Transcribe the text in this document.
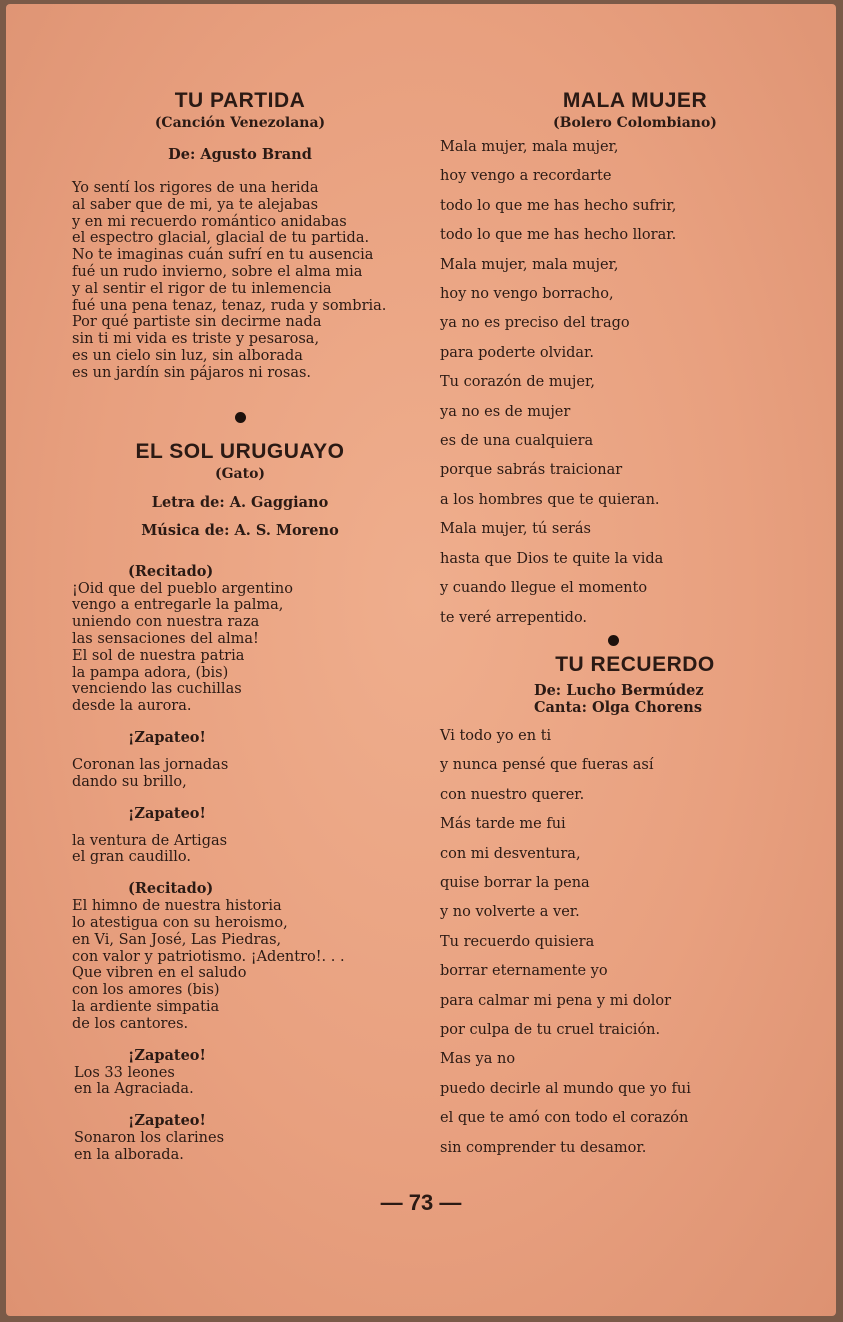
TU PARTIDA

(Canción Venezolana)

De: Agusto Brand

Yo sentí los rigores de una herida
al saber que de mi, ya te alejabas
y en mi recuerdo romántico anidabas
el espectro glacial, glacial de tu partida.
No te imaginas cuán sufrí en tu ausencia
fué un rudo invierno, sobre el alma mia
y al sentir el rigor de tu inlemencia
fué una pena tenaz, tenaz, ruda y sombria.
Por qué partiste sin decirme nada
sin ti mi vida es triste y pesarosa,
es un cielo sin luz, sin alborada
es un jardín sin pájaros ni rosas.
EL SOL URUGUAYO

(Gato)

Letra de: A. Gaggiano

Música de: A. S. Moreno

(Recitado)
¡Oid que del pueblo argentino
vengo a entregarle la palma,
uniendo con nuestra raza
las sensaciones del alma!
El sol de nuestra patria
la pampa adora, (bis)
venciendo las cuchillas
desde la aurora.
¡Zapateo!
Coronan las jornadas
dando su brillo,
¡Zapateo!
la ventura de Artigas
el gran caudillo.
(Recitado)
El himno de nuestra historia
lo atestigua con su heroismo,
en Vi, San José, Las Piedras,
con valor y patriotismo. ¡Adentro!. . .
Que vibren en el saludo
con los amores (bis)
la ardiente simpatia
de los cantores.
¡Zapateo!
Los 33 leones
en la Agraciada.
¡Zapateo!
Sonaron los clarines
en la alborada.
MALA MUJER

(Bolero Colombiano)

Mala mujer, mala mujer,
hoy vengo a recordarte
todo lo que me has hecho sufrir,
todo lo que me has hecho llorar.
Mala mujer, mala mujer,
hoy no vengo borracho,
ya no es preciso del trago
para poderte olvidar.
Tu corazón de mujer,
ya no es de mujer
es de una cualquiera
porque sabrás traicionar
a los hombres que te quieran.
Mala mujer, tú serás
hasta que Dios te quite la vida
y cuando llegue el momento
te veré arrepentido.
TU RECUERDO
De: Lucho Bermúdez
Canta: Olga Chorens
Vi todo yo en ti
y nunca pensé que fueras así
con nuestro querer.
Más tarde me fui
con mi desventura,
quise borrar la pena
y no volverte a ver.
Tu recuerdo quisiera
borrar eternamente yo
para calmar mi pena y mi dolor
por culpa de tu cruel traición.
Mas ya no
puedo decirle al mundo que yo fui
el que te amó con todo el corazón
sin comprender tu desamor.
— 73 —
